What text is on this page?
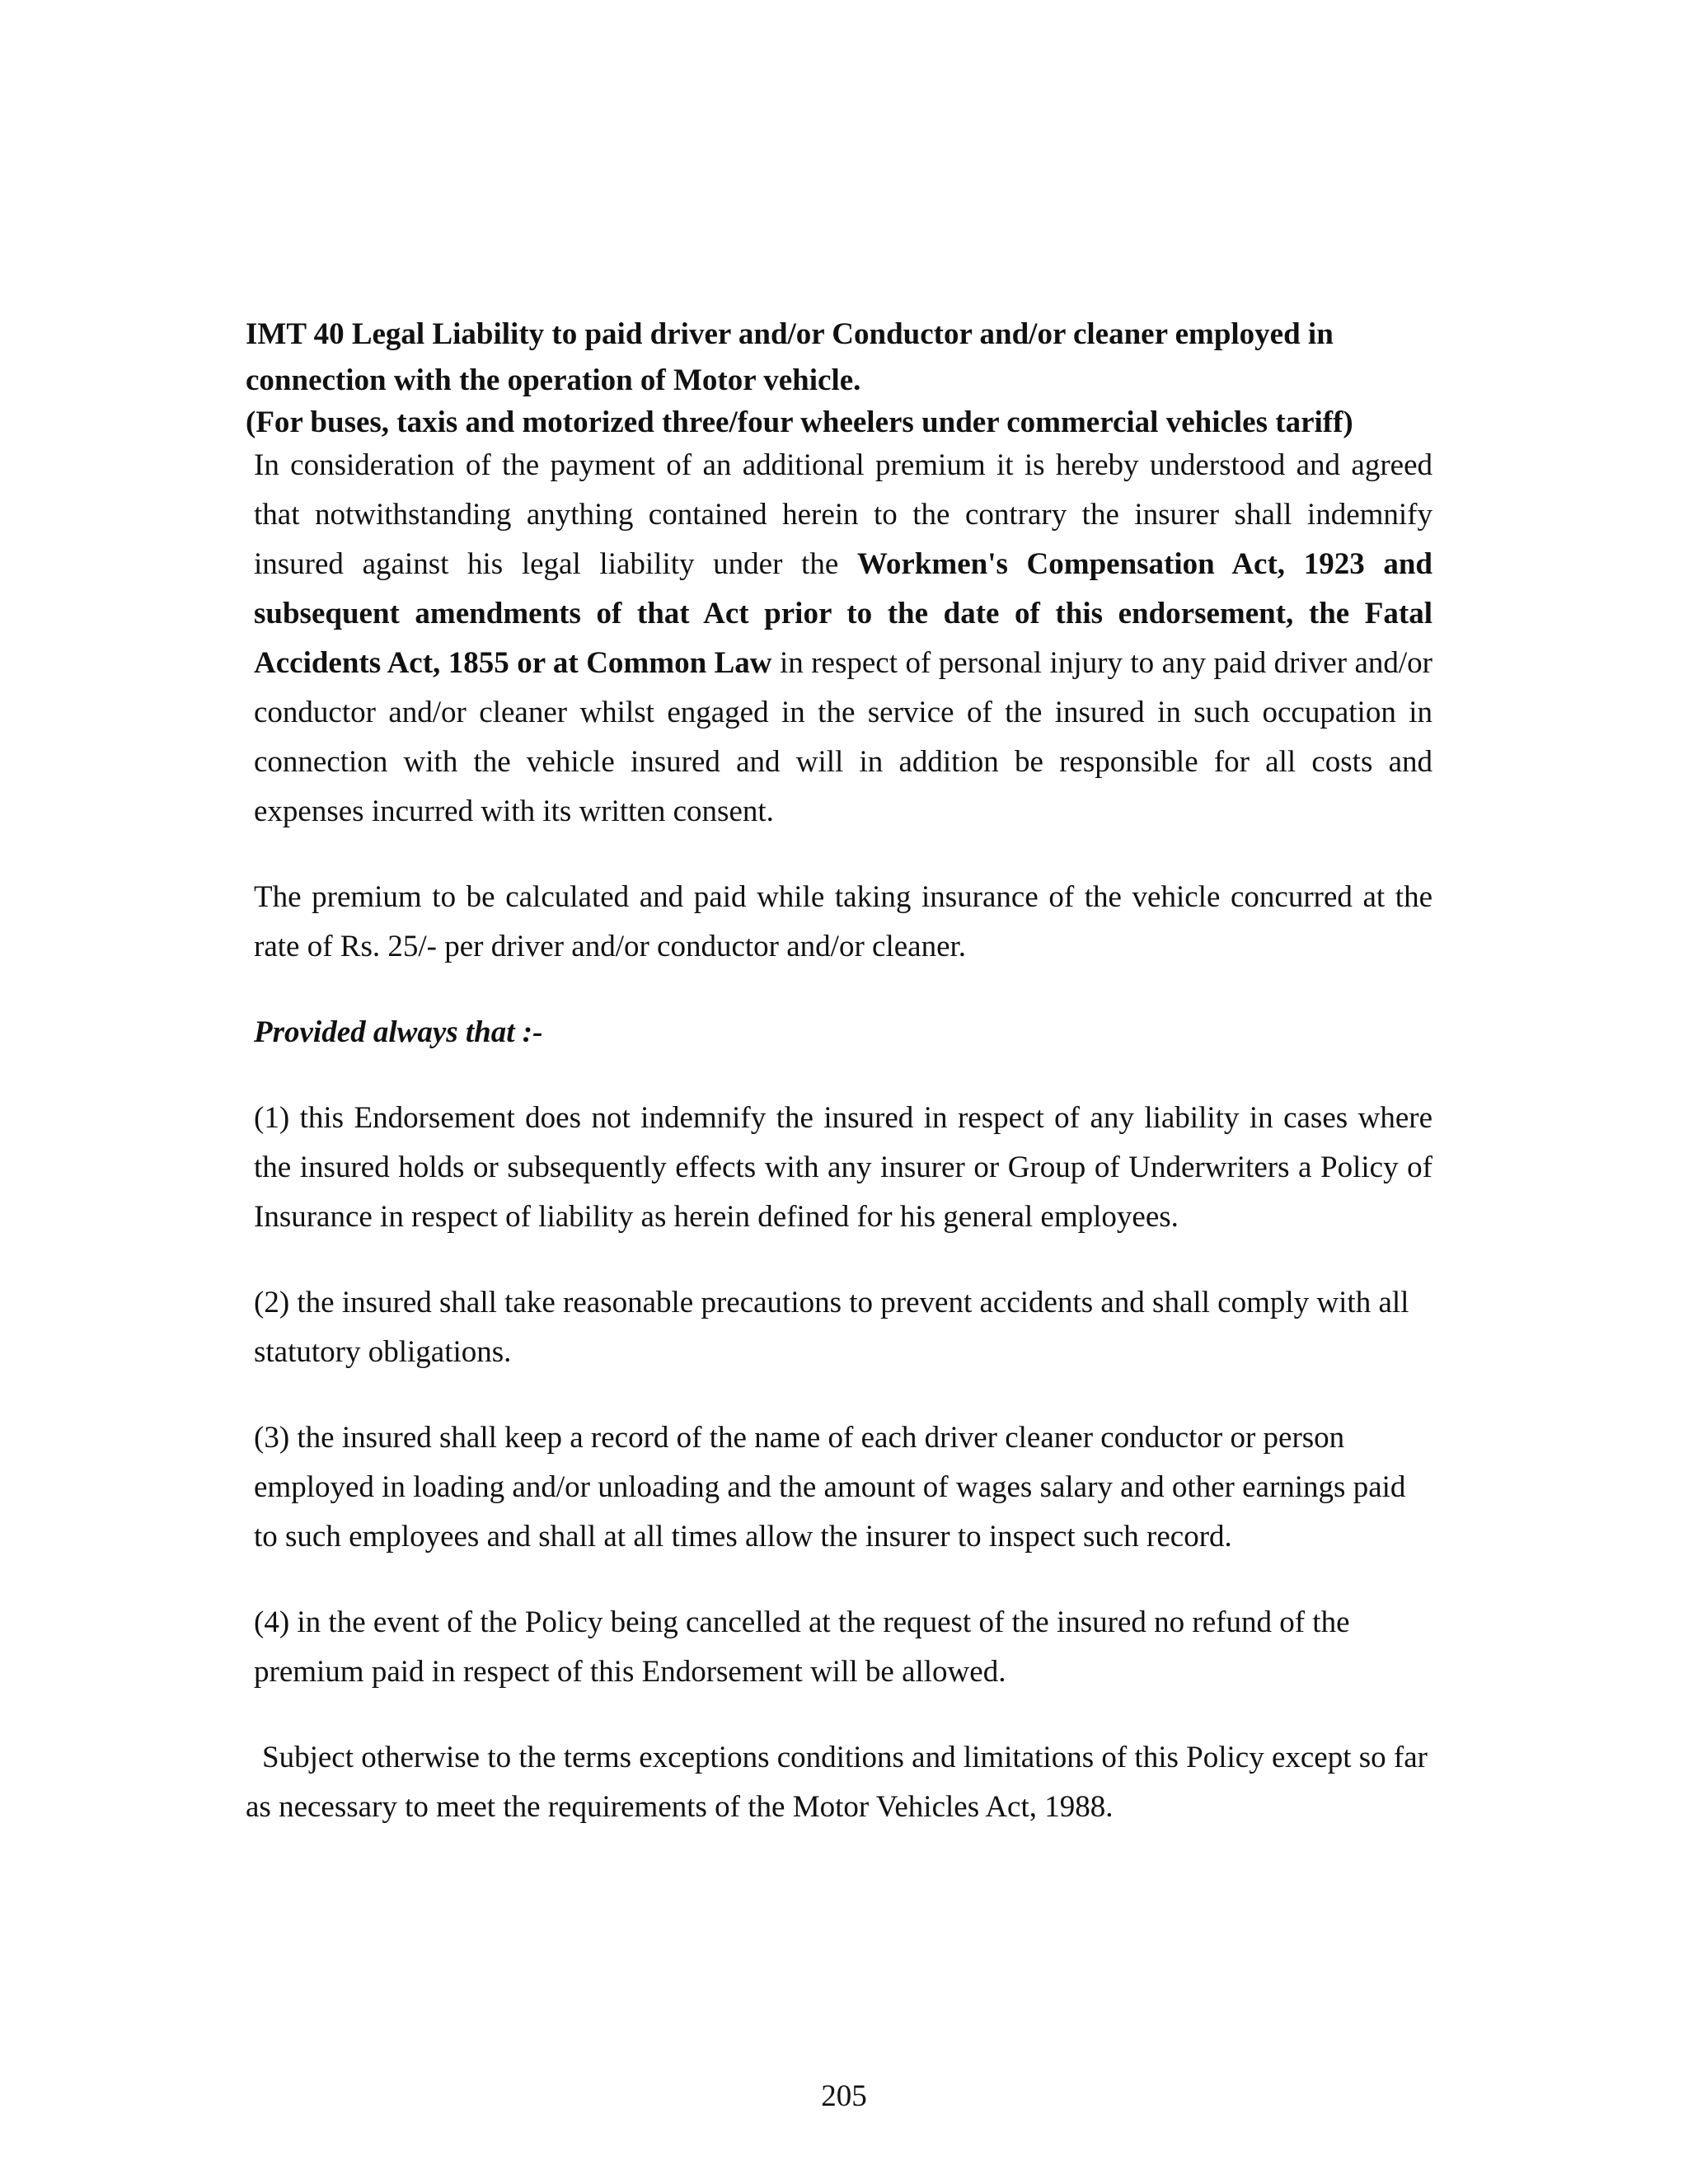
IMT 40 Legal Liability to paid driver and/or Conductor and/or cleaner employed in connection with the operation of Motor vehicle.

(For buses, taxis and motorized three/four wheelers under commercial vehicles tariff)

In consideration of the payment of an additional premium it is hereby understood and agreed that notwithstanding anything contained herein to the contrary the insurer shall indemnify insured against his legal liability under the Workmen's Compensation Act, 1923 and subsequent amendments of that Act prior to the date of this endorsement, the Fatal Accidents Act, 1855 or at Common Law in respect of personal injury to any paid driver and/or conductor and/or cleaner whilst engaged in the service of the insured in such occupation in connection with the vehicle insured and will in addition be responsible for all costs and expenses incurred with its written consent.

The premium to be calculated and paid while taking insurance of the vehicle concurred at the rate of Rs. 25/- per driver and/or conductor and/or cleaner.

Provided always that :-

(1) this Endorsement does not indemnify the insured in respect of any liability in cases where the insured holds or subsequently effects with any insurer or Group of Underwriters a Policy of Insurance in respect of liability as herein defined for his general employees.

(2) the insured shall take reasonable precautions to prevent accidents and shall comply with all statutory obligations.

(3) the insured shall keep a record of the name of each driver cleaner conductor or person employed in loading and/or unloading and the amount of wages salary and other earnings paid to such employees and shall at all times allow the insurer to inspect such record.

(4) in the event of the Policy being cancelled at the request of the insured no refund of the premium paid in respect of this Endorsement will be allowed.

Subject otherwise to the terms exceptions conditions and limitations of this Policy except so far as necessary to meet the requirements of the Motor Vehicles Act, 1988.

205
